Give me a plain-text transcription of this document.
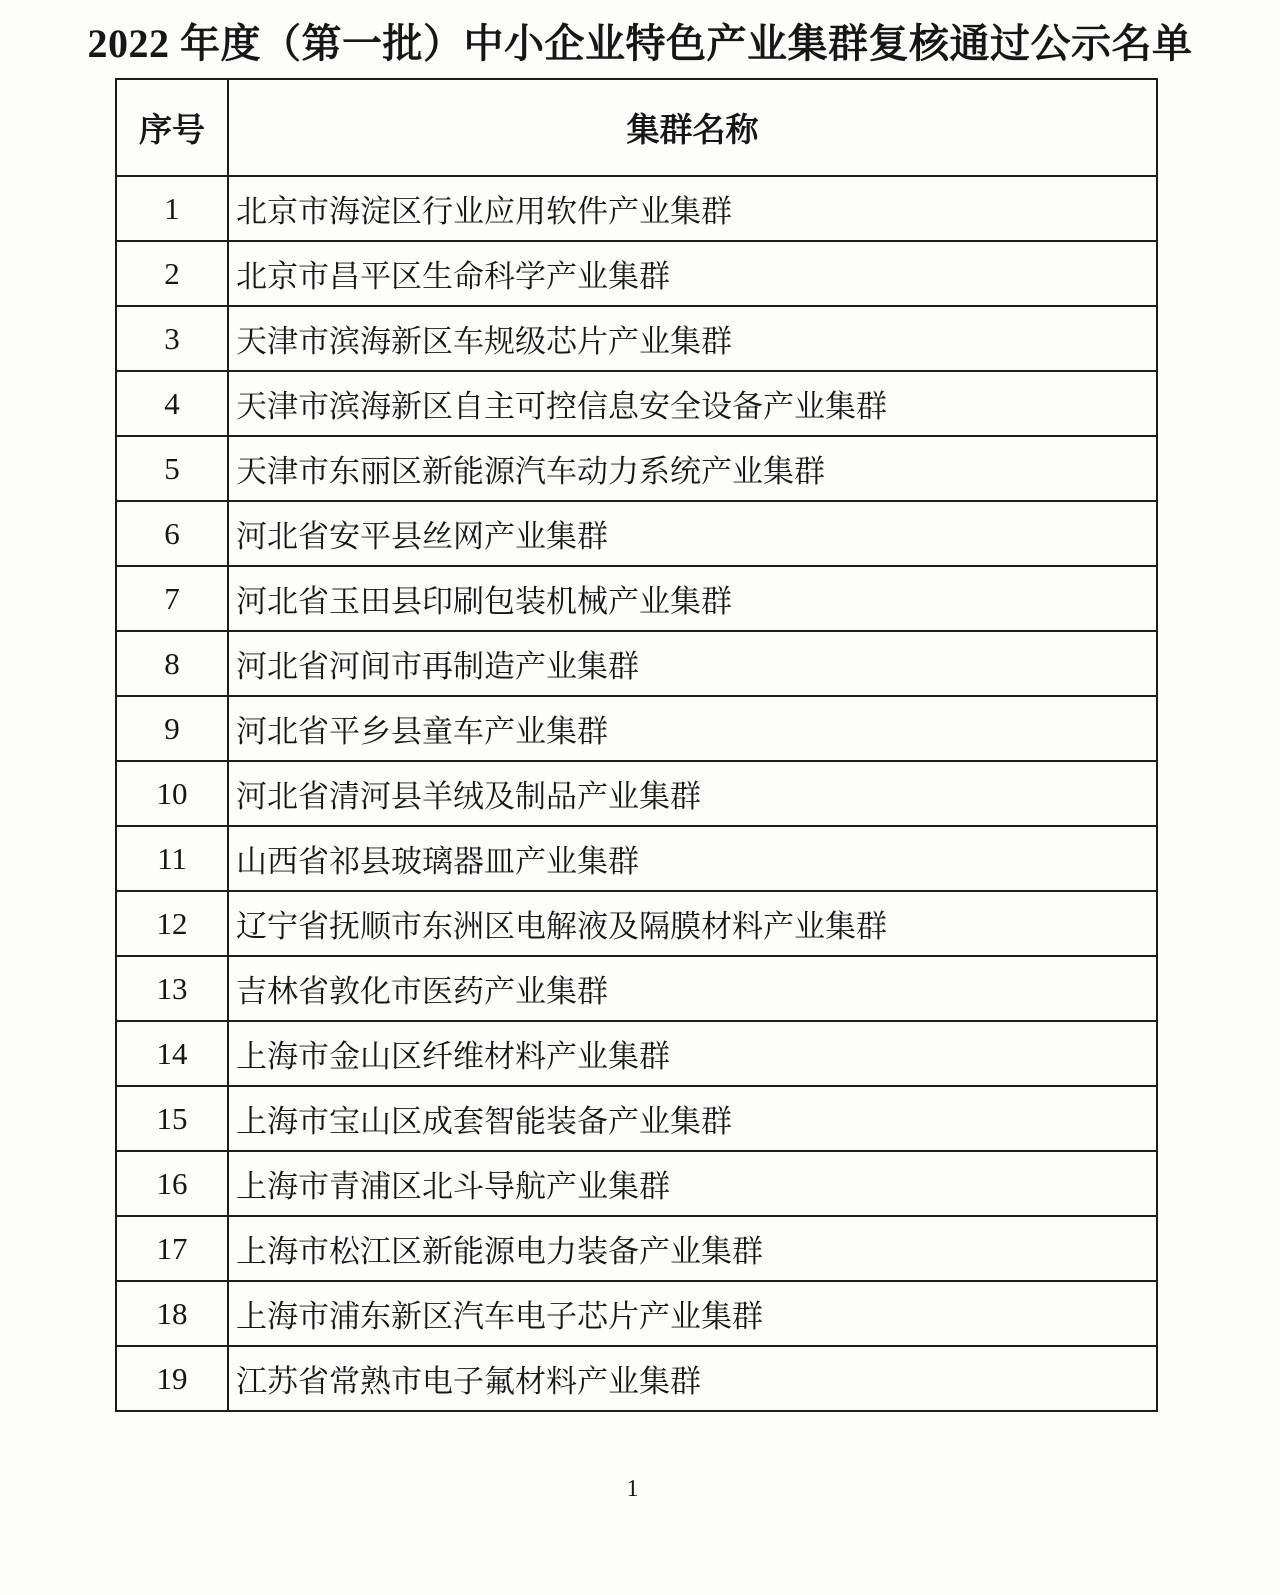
2022 年度（第一批）中小企业特色产业集群复核通过公示名单
序号	集群名称
1	北京市海淀区行业应用软件产业集群
2	北京市昌平区生命科学产业集群
3	天津市滨海新区车规级芯片产业集群
4	天津市滨海新区自主可控信息安全设备产业集群
5	天津市东丽区新能源汽车动力系统产业集群
6	河北省安平县丝网产业集群
7	河北省玉田县印刷包装机械产业集群
8	河北省河间市再制造产业集群
9	河北省平乡县童车产业集群
10	河北省清河县羊绒及制品产业集群
11	山西省祁县玻璃器皿产业集群
12	辽宁省抚顺市东洲区电解液及隔膜材料产业集群
13	吉林省敦化市医药产业集群
14	上海市金山区纤维材料产业集群
15	上海市宝山区成套智能装备产业集群
16	上海市青浦区北斗导航产业集群
17	上海市松江区新能源电力装备产业集群
18	上海市浦东新区汽车电子芯片产业集群
19	江苏省常熟市电子氟材料产业集群
1
